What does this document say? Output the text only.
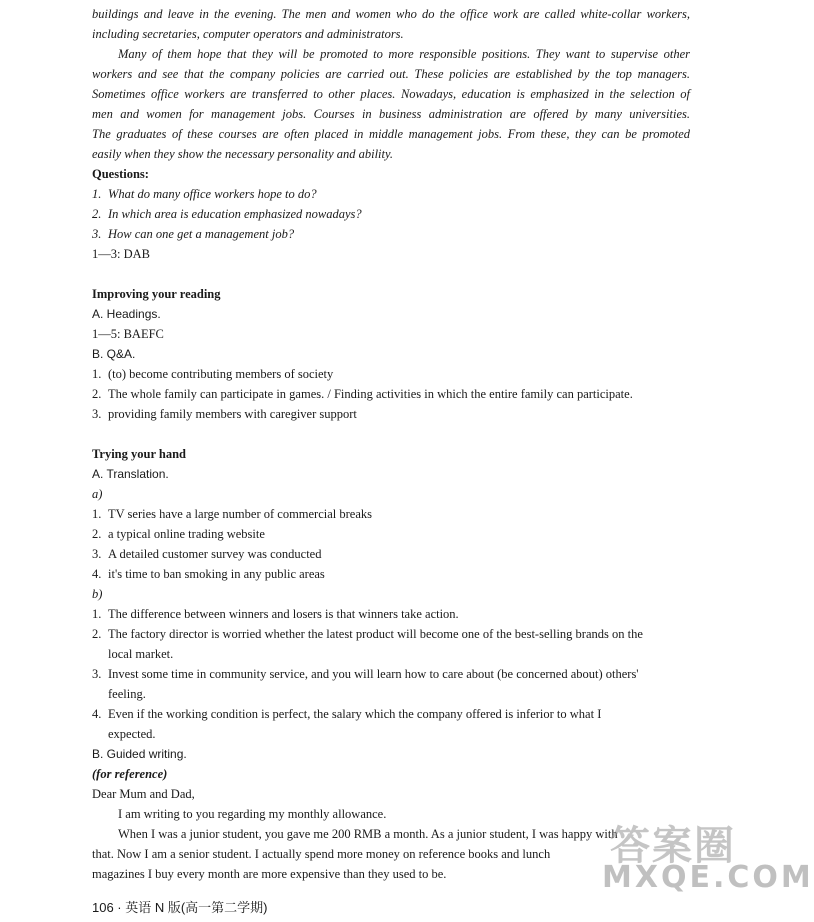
buildings and leave in the evening. The men and women who do the office work are called white-collar workers,
including secretaries, computer operators and administrators.
Many of them hope that they will be promoted to more responsible positions. They want to supervise other
workers and see that the company policies are carried out. These policies are established by the top managers.
Sometimes office workers are transferred to other places. Nowadays, education is emphasized in the selection of
men and women for management jobs. Courses in business administration are offered by many universities.
The graduates of these courses are often placed in middle management jobs. From these, they can be promoted
easily when they show the necessary personality and ability.
Questions:
1. What do many office workers hope to do?
2. In which area is education emphasized nowadays?
3. How can one get a management job?
1—3: DAB
Improving your reading
A. Headings.
1—5: BAEFC
B. Q&A.
1. (to) become contributing members of society
2. The whole family can participate in games. / Finding activities in which the entire family can participate.
3. providing family members with caregiver support
Trying your hand
A. Translation.
a)
1. TV series have a large number of commercial breaks
2. a typical online trading website
3. A detailed customer survey was conducted
4. it's time to ban smoking in any public areas
b)
1. The difference between winners and losers is that winners take action.
2. The factory director is worried whether the latest product will become one of the best-selling brands on the
local market.
3. Invest some time in community service, and you will learn how to care about (be concerned about) others'
feeling.
4. Even if the working condition is perfect, the salary which the company offered is inferior to what I
expected.
B. Guided writing.
(for reference)
Dear Mum and Dad,
I am writing to you regarding my monthly allowance.
When I was a junior student, you gave me 200 RMB a month. As a junior student, I was happy with
that. Now I am a senior student. I actually spend more money on reference books and lunch
magazines I buy every month are more expensive than they used to be.
106 · 英语 N 版(高一第二学期)
答案圈
MXQE.COM
